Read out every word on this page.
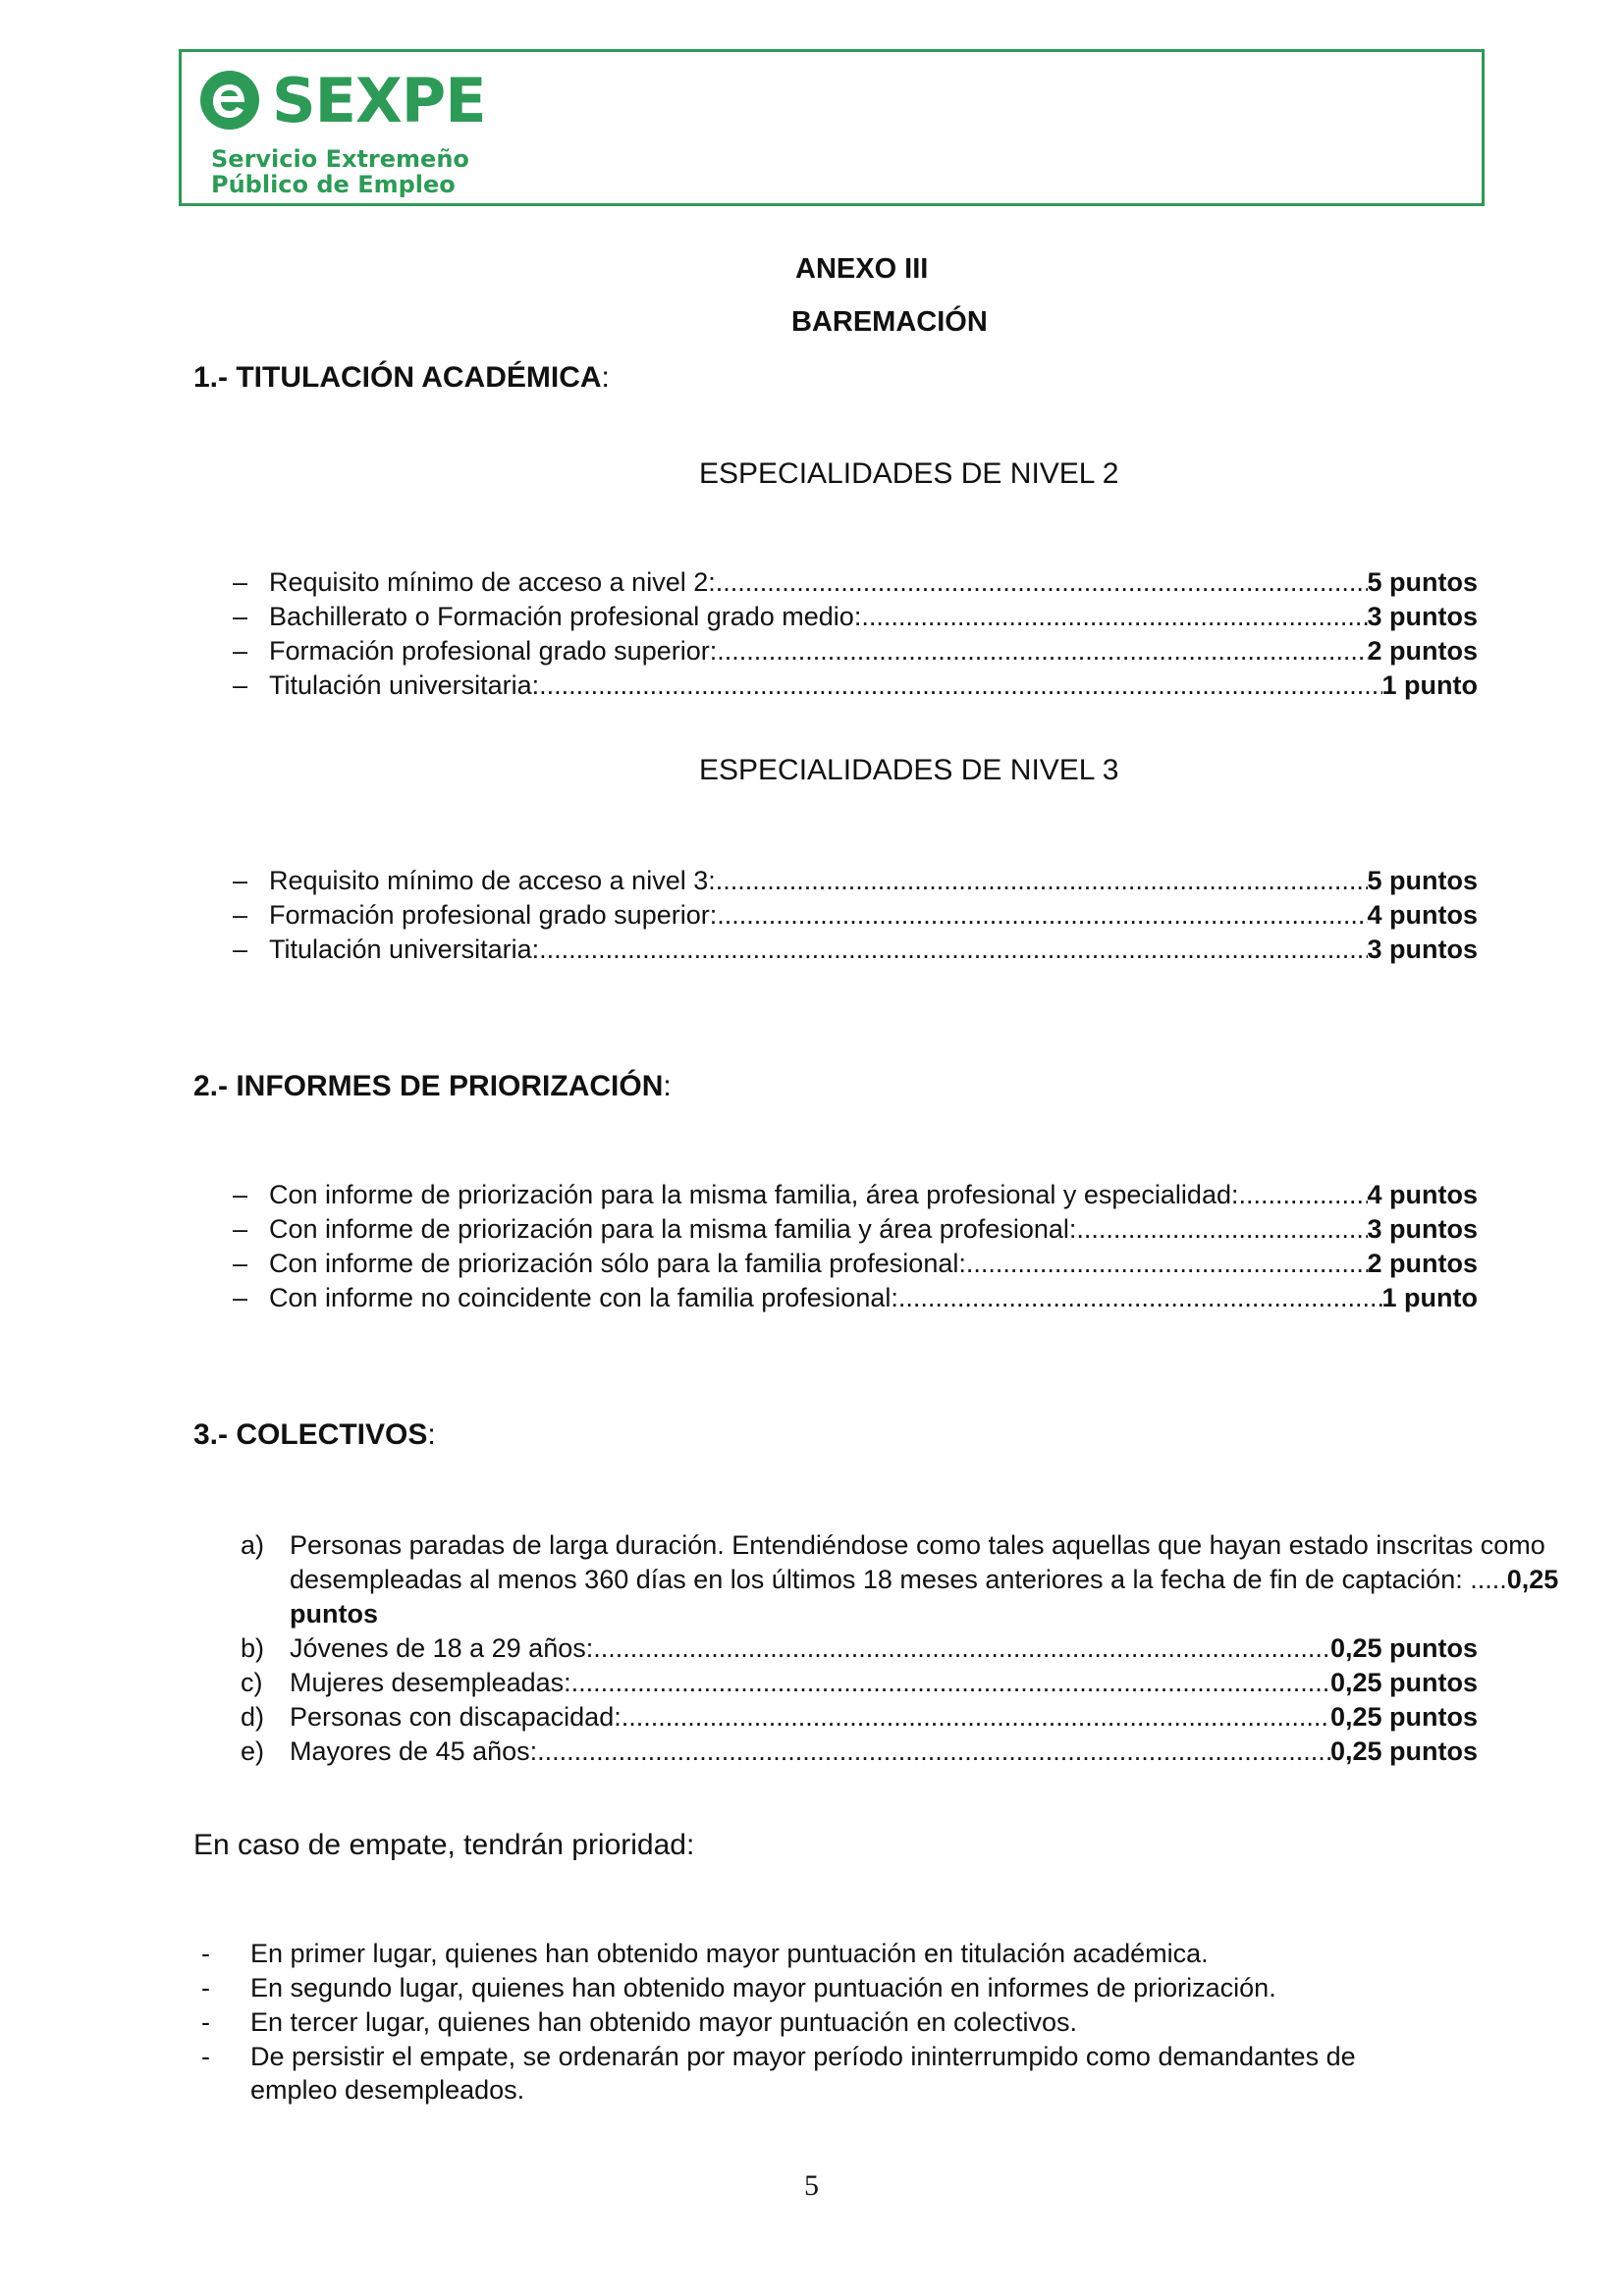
SEXPE
Servicio Extremeño
Público de Empleo
ANEXO III
BAREMACIÓN
1.- TITULACIÓN ACADÉMICA:
ESPECIALIDADES DE NIVEL 2
– Requisito mínimo de acceso a nivel 2: .....	5 puntos
– Bachillerato o Formación profesional grado medio: .....	3 puntos
– Formación profesional grado superior: .....	2 puntos
– Titulación universitaria: .....	1 punto
ESPECIALIDADES DE NIVEL 3
– Requisito mínimo de acceso a nivel 3: .....	5 puntos
– Formación profesional grado superior: .....	4 puntos
– Titulación universitaria: .....	3 puntos
2.- INFORMES DE PRIORIZACIÓN:
– Con informe de priorización para la misma familia, área profesional y especialidad: .....	4 puntos
– Con informe de priorización para la misma familia y área profesional: .....	3 puntos
– Con informe de priorización sólo para la familia profesional: .....	2 puntos
– Con informe no coincidente con la familia profesional: .....	1 punto
3.- COLECTIVOS:
a) Personas paradas de larga duración. Entendiéndose como tales aquellas que hayan estado inscritas como
desempleadas al menos 360 días en los últimos 18 meses anteriores a la fecha de fin de captación: ..... 0,25
puntos
b) Jóvenes de 18 a 29 años: .....	0,25 puntos
c) Mujeres desempleadas: .....	0,25 puntos
d) Personas con discapacidad: .....	0,25 puntos
e) Mayores de 45 años: .....	0,25 puntos
En caso de empate, tendrán prioridad:
- En primer lugar, quienes han obtenido mayor puntuación en titulación académica.
- En segundo lugar, quienes han obtenido mayor puntuación en informes de priorización.
- En tercer lugar, quienes han obtenido mayor puntuación en colectivos.
- De persistir el empate, se ordenarán por mayor período ininterrumpido como demandantes de empleo desempleados.
5
